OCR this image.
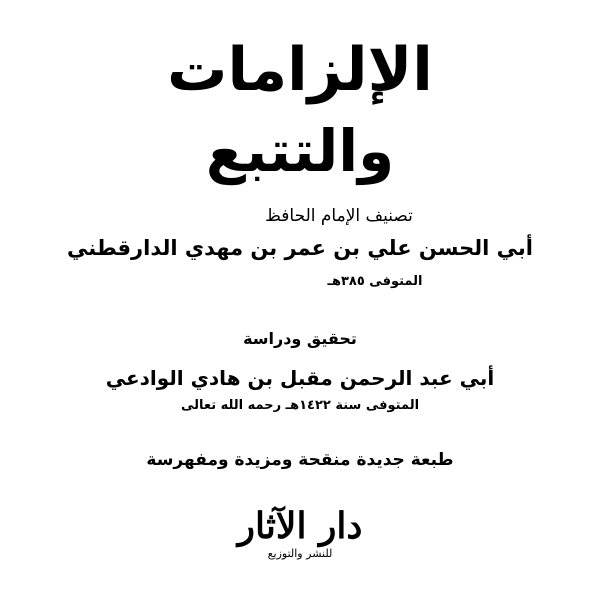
الإلزامات
والتتبع
تصنيف الإمام الحافظ
أبي الحسن علي بن عمر بن مهدي الدارقطني
المتوفى ٣٨٥هـ
تحقيق ودراسة
أبي عبد الرحمن مقبل بن هادي الوادعي
المتوفى سنة ١٤٢٢هـ رحمه الله تعالى
طبعة جديدة منقحة ومزيدة ومفهرسة
دار الآثار
للنشر والتوزيع
